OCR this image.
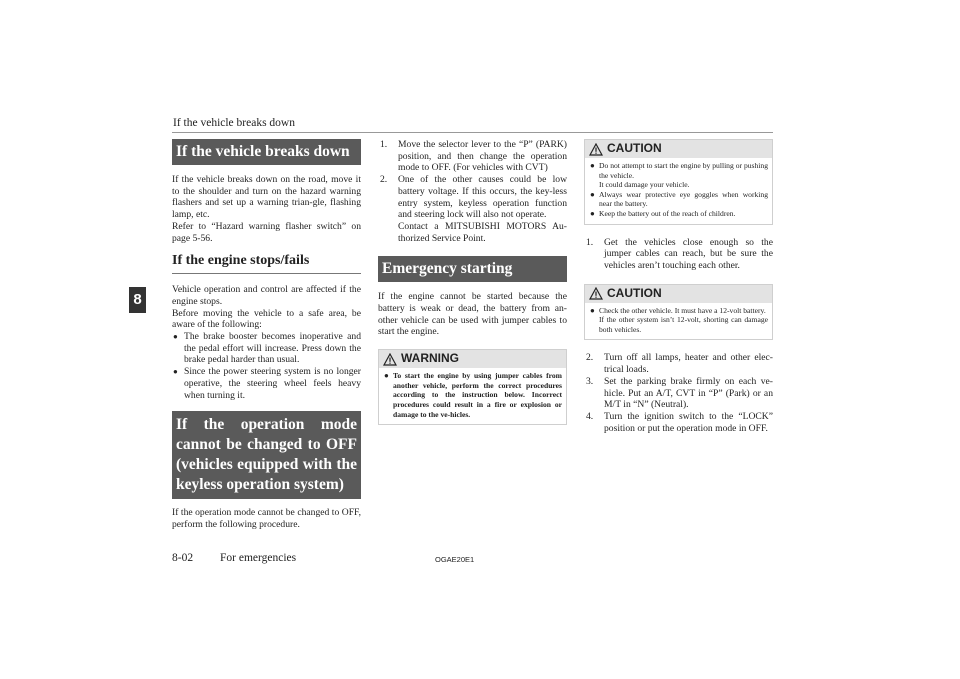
If the vehicle breaks down
8
If the vehicle breaks down

If the vehicle breaks down on the road, move it to the shoulder and turn on the hazard warning flashers and set up a warning trian-gle, flashing lamp, etc.

Refer to “Hazard warning flasher switch” on page 5-56.

If the engine stops/fails

Vehicle operation and control are affected if the engine stops.

Before moving the vehicle to a safe area, be aware of the following:

● The brake booster becomes inoperative and the pedal effort will increase. Press down the brake pedal harder than usual.
● Since the power steering system is no longer operative, the steering wheel feels heavy when turning it.
If the operation mode cannot be changed to OFF (vehicles equipped with the keyless operation system)

If the operation mode cannot be changed to OFF, perform the following procedure.

1. Move the selector lever to the “P” (PARK) position, and then change the operation mode to OFF. (For vehicles with CVT)
2. One of the other causes could be low battery voltage. If this occurs, the key-less entry system, keyless operation function and steering lock will also not operate.
Contact a MITSUBISHI MOTORS Au-thorized Service Point.
Emergency starting

If the engine cannot be started because the battery is weak or dead, the battery from an-other vehicle can be used with jumper cables to start the engine.

WARNING
● To start the engine by using jumper cables from another vehicle, perform the correct procedures according to the instruction below. Incorrect procedures could result in a fire or explosion or damage to the ve-hicles.
CAUTION
● Do not attempt to start the engine by pulling or pushing the vehicle.
It could damage your vehicle.
● Always wear protective eye goggles when working near the battery.
● Keep the battery out of the reach of children.
1. Get the vehicles close enough so the jumper cables can reach, but be sure the vehicles aren’t touching each other.
CAUTION
● Check the other vehicle. It must have a 12-volt battery.
If the other system isn’t 12-volt, shorting can damage both vehicles.
2. Turn off all lamps, heater and other elec-trical loads.
3. Set the parking brake firmly on each ve-hicle. Put an A/T, CVT in “P” (Park) or an M/T in “N” (Neutral).
4. Turn the ignition switch to the “LOCK” position or put the operation mode in OFF.
8-02 For emergencies	OGAE20E1
